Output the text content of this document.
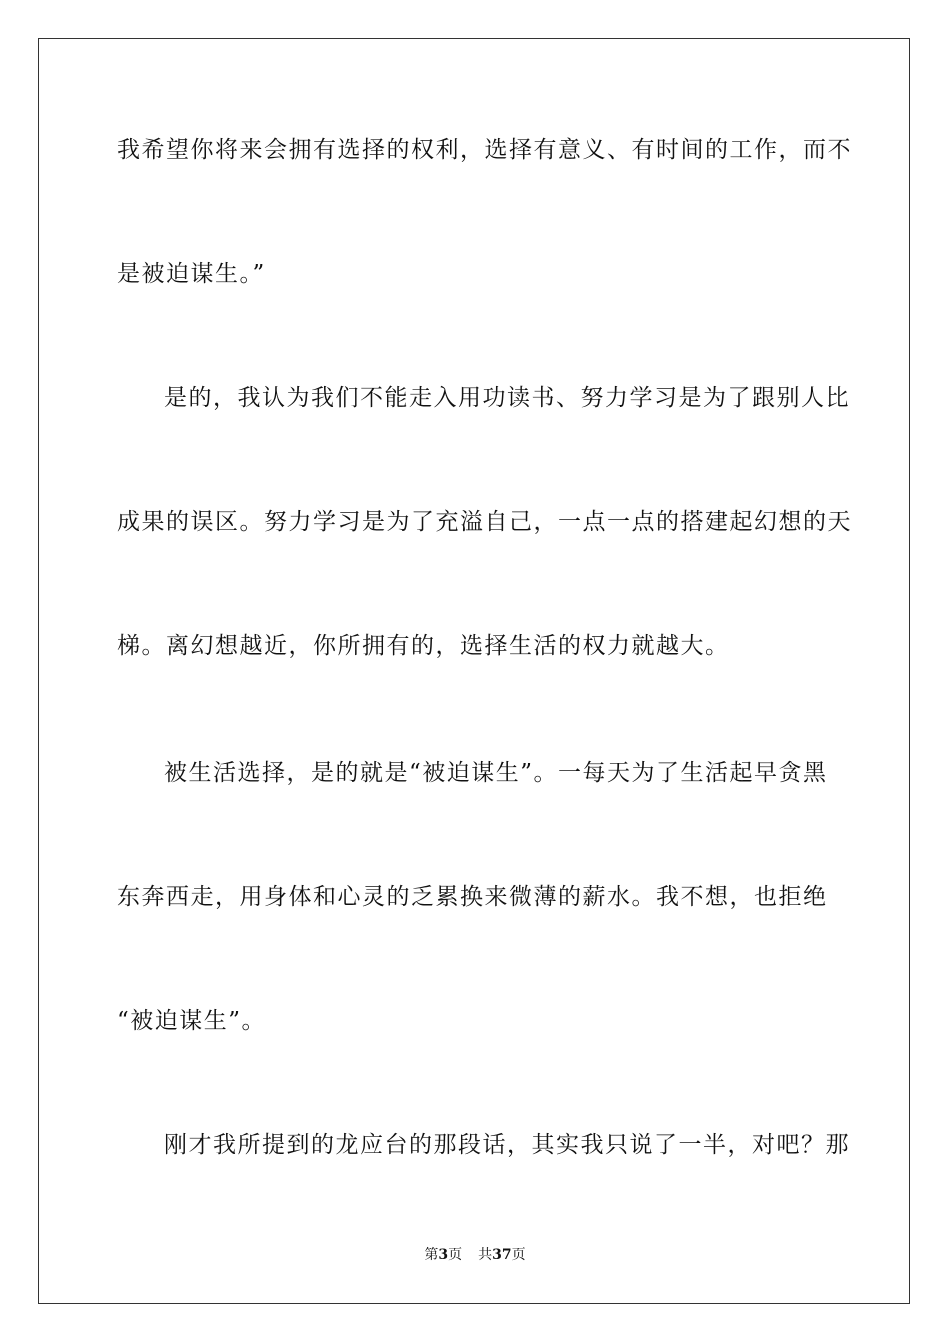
我希望你将来会拥有选择的权利，选择有意义、有时间的工作，而不
是被迫谋生。”
是的，我认为我们不能走入用功读书、努力学习是为了跟别人比
成果的误区。努力学习是为了充溢自己，一点一点的搭建起幻想的天
梯。离幻想越近，你所拥有的，选择生活的权力就越大。
被生活选择，是的就是“被迫谋生”。一每天为了生活起早贪黑
东奔西走，用身体和心灵的乏累换来微薄的薪水。我不想，也拒绝
“被迫谋生”。
刚才我所提到的龙应台的那段话，其实我只说了一半，对吧？那
第3页 共37页
